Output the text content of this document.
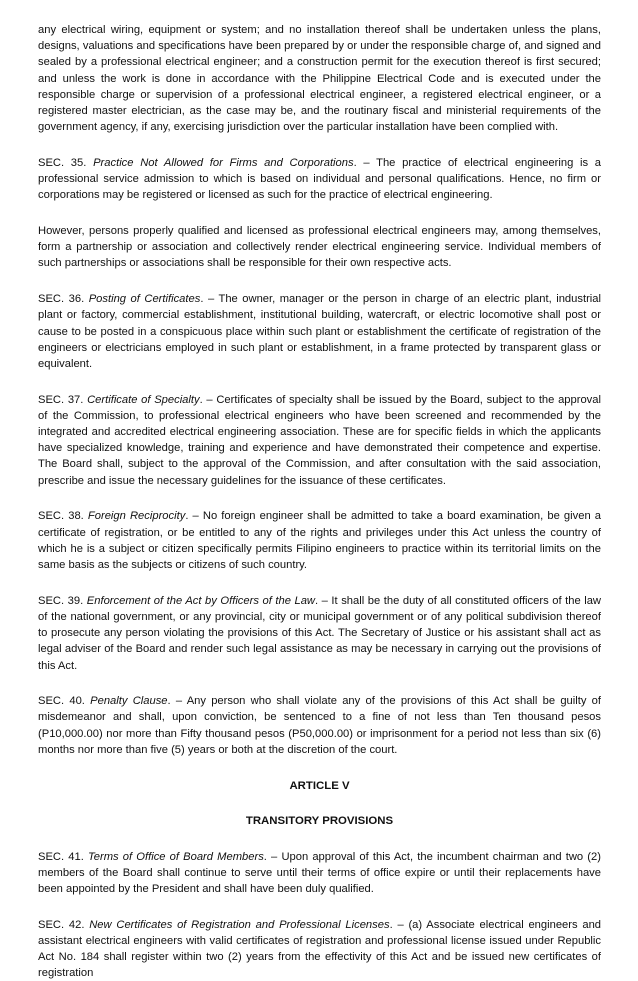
any electrical wiring, equipment or system; and no installation thereof shall be undertaken unless the plans, designs, valuations and specifications have been prepared by or under the responsible charge of, and signed and sealed by a professional electrical engineer; and a construction permit for the execution thereof is first secured; and unless the work is done in accordance with the Philippine Electrical Code and is executed under the responsible charge or supervision of a professional electrical engineer, a registered electrical engineer, or a registered master electrician, as the case may be, and the routinary fiscal and ministerial requirements of the government agency, if any, exercising jurisdiction over the particular installation have been complied with.

SEC. 35. Practice Not Allowed for Firms and Corporations. – The practice of electrical engineering is a professional service admission to which is based on individual and personal qualifications. Hence, no firm or corporations may be registered or licensed as such for the practice of electrical engineering.

However, persons properly qualified and licensed as professional electrical engineers may, among themselves, form a partnership or association and collectively render electrical engineering service. Individual members of such partnerships or associations shall be responsible for their own respective acts.

SEC. 36. Posting of Certificates. – The owner, manager or the person in charge of an electric plant, industrial plant or factory, commercial establishment, institutional building, watercraft, or electric locomotive shall post or cause to be posted in a conspicuous place within such plant or establishment the certificate of registration of the engineers or electricians employed in such plant or establishment, in a frame protected by transparent glass or equivalent.

SEC. 37. Certificate of Specialty. – Certificates of specialty shall be issued by the Board, subject to the approval of the Commission, to professional electrical engineers who have been screened and recommended by the integrated and accredited electrical engineering association. These are for specific fields in which the applicants have specialized knowledge, training and experience and have demonstrated their competence and expertise. The Board shall, subject to the approval of the Commission, and after consultation with the said association, prescribe and issue the necessary guidelines for the issuance of these certificates.

SEC. 38. Foreign Reciprocity. – No foreign engineer shall be admitted to take a board examination, be given a certificate of registration, or be entitled to any of the rights and privileges under this Act unless the country of which he is a subject or citizen specifically permits Filipino engineers to practice within its territorial limits on the same basis as the subjects or citizens of such country.

SEC. 39. Enforcement of the Act by Officers of the Law. – It shall be the duty of all constituted officers of the law of the national government, or any provincial, city or municipal government or of any political subdivision thereof to prosecute any person violating the provisions of this Act. The Secretary of Justice or his assistant shall act as legal adviser of the Board and render such legal assistance as may be necessary in carrying out the provisions of this Act.

SEC. 40. Penalty Clause. – Any person who shall violate any of the provisions of this Act shall be guilty of misdemeanor and shall, upon conviction, be sentenced to a fine of not less than Ten thousand pesos (P10,000.00) nor more than Fifty thousand pesos (P50,000.00) or imprisonment for a period not less than six (6) months nor more than five (5) years or both at the discretion of the court.

ARTICLE V
TRANSITORY PROVISIONS

SEC. 41. Terms of Office of Board Members. – Upon approval of this Act, the incumbent chairman and two (2) members of the Board shall continue to serve until their terms of office expire or until their replacements have been appointed by the President and shall have been duly qualified.

SEC. 42. New Certificates of Registration and Professional Licenses. – (a) Associate electrical engineers and assistant electrical engineers with valid certificates of registration and professional license issued under Republic Act No. 184 shall register within two (2) years from the effectivity of this Act and be issued new certificates of registration
